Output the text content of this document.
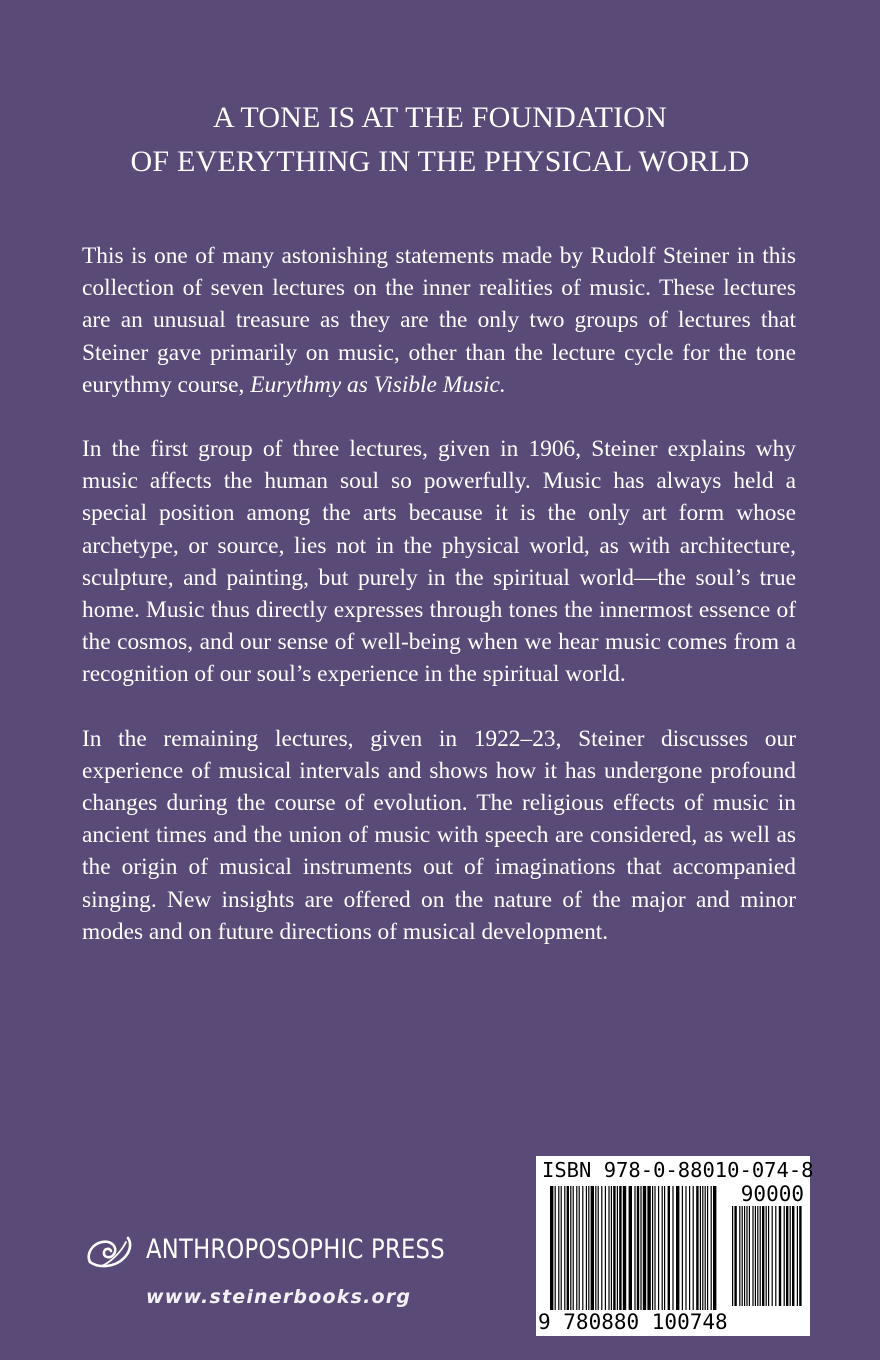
A TONE IS AT THE FOUNDATION
OF EVERYTHING IN THE PHYSICAL WORLD

This is one of many astonishing statements made by Rudolf Steiner in this collection of seven lectures on the inner realities of music. These lectures are an unusual treasure as they are the only two groups of lectures that Steiner gave primarily on music, other than the lecture cycle for the tone eurythmy course, Eurythmy as Visible Music.

In the first group of three lectures, given in 1906, Steiner explains why music affects the human soul so powerfully. Music has always held a special position among the arts because it is the only art form whose archetype, or source, lies not in the physical world, as with architecture, sculpture, and painting, but purely in the spiritual world—the soul’s true home. Music thus directly expresses through tones the innermost essence of the cosmos, and our sense of well-being when we hear music comes from a recognition of our soul’s experience in the spiritual world.

In the remaining lectures, given in 1922–23, Steiner discusses our experience of musical intervals and shows how it has undergone profound changes during the course of evolution. The religious effects of music in ancient times and the union of music with speech are considered, as well as the origin of musical instruments out of imaginations that accompanied singing. New insights are offered on the nature of the major and minor modes and on future directions of musical development.

ANTHROPOSOPHIC PRESS
www.steinerbooks.org
ISBN 978-0-88010-074-8
90000
9 780880 100748
